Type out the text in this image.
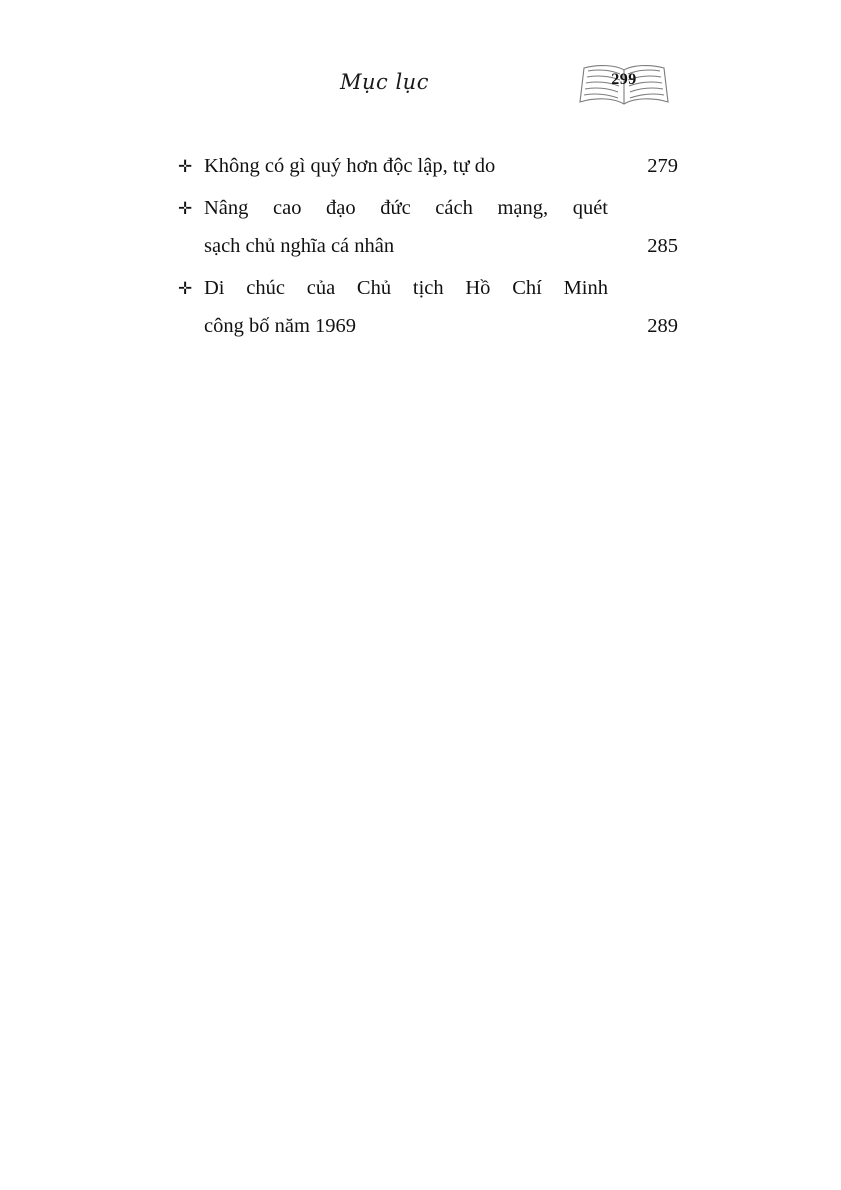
Mục lục	299
✛ Không có gì quý hơn độc lập, tự do	279
✛ Nâng cao đạo đức cách mạng, quét
sạch chủ nghĩa cá nhân	285
✛ Di chúc của Chủ tịch Hồ Chí Minh
công bố năm 1969	289
